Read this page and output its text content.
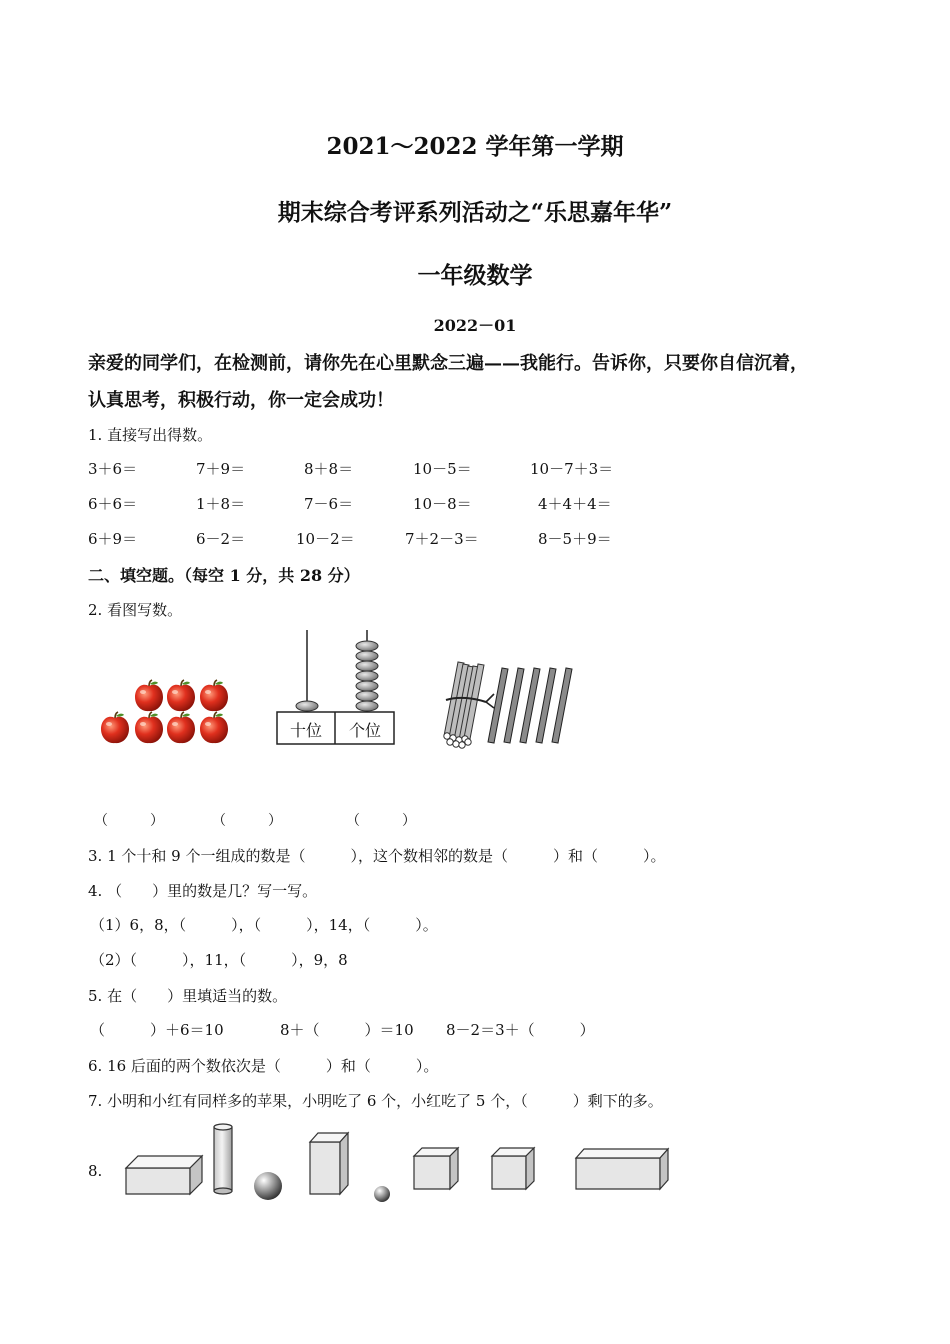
2021～2022 学年第一学期
期末综合考评系列活动之“乐思嘉年华”
一年级数学
2022－01
亲爱的同学们，在检测前，请你先在心里默念三遍——我能行。告诉你，只要你自信沉着，
认真思考，积极行动，你一定会成功！
1. 直接写出得数。
3＋6＝	7＋9＝	8＋8＝	10－5＝	10－7＋3＝
6＋6＝	1＋8＝	7－6＝	10－8＝	4＋4＋4＝
6＋9＝	6－2＝	10－2＝	7＋2－3＝	8－5＋9＝
二、填空题。（每空 1 分，共 28 分）
2. 看图写数。
十位	个位
（　　　）	（　　　）	（　　　）
3. 1 个十和 9 个一组成的数是（　　　），这个数相邻的数是（　　　）和（　　　）。
4. （　　）里的数是几？写一写。
（1）6，8，（　　　），（　　　），14，（　　　）。
（2）（　　　），11，（　　　），9，8
5. 在（　　）里填适当的数。
（　　　）＋6＝10	8＋（　　　）＝10 8－2＝3＋（　　　）
6. 16 后面的两个数依次是（　　　）和（　　　）。
7. 小明和小红有同样多的苹果，小明吃了 6 个，小红吃了 5 个，（　　　）剩下的多。
8.
